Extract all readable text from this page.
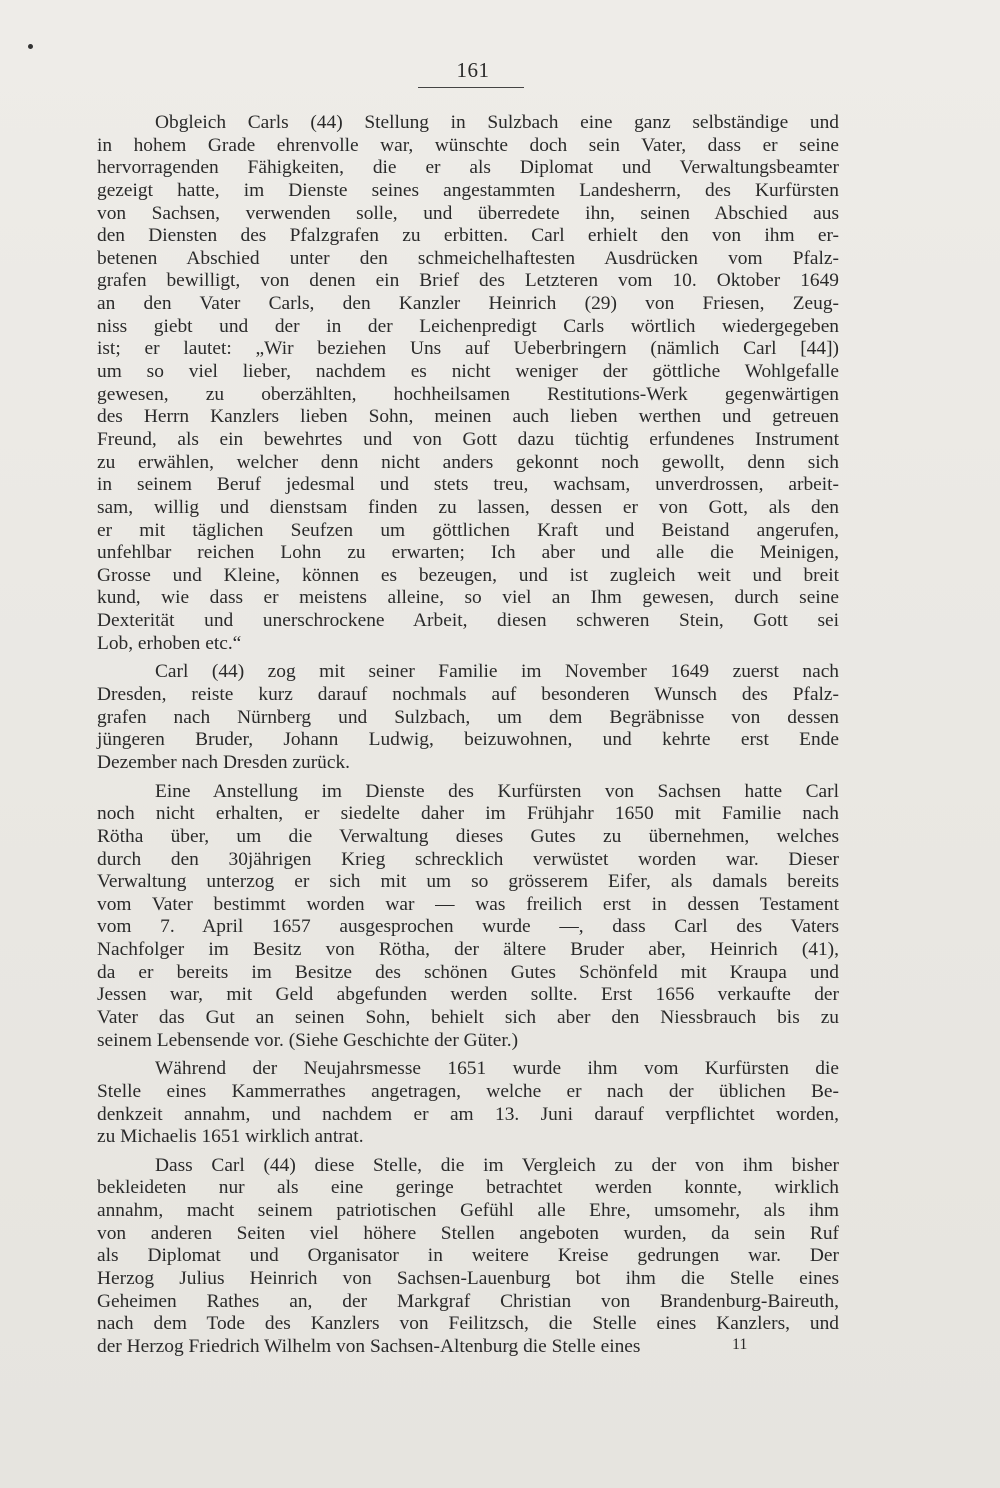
161
Obgleich Carls (44) Stellung in Sulzbach eine ganz selbständige und
in hohem Grade ehrenvolle war, wünschte doch sein Vater, dass er seine
hervorragenden Fähigkeiten, die er als Diplomat und Verwaltungsbeamter
gezeigt hatte, im Dienste seines angestammten Landesherrn, des Kurfürsten
von Sachsen, verwenden solle, und überredete ihn, seinen Abschied aus
den Diensten des Pfalzgrafen zu erbitten. Carl erhielt den von ihm er-
betenen Abschied unter den schmeichelhaftesten Ausdrücken vom Pfalz-
grafen bewilligt, von denen ein Brief des Letzteren vom 10. Oktober 1649
an den Vater Carls, den Kanzler Heinrich (29) von Friesen, Zeug-
niss giebt und der in der Leichenpredigt Carls wörtlich wiedergegeben
ist; er lautet: „Wir beziehen Uns auf Ueberbringern (nämlich Carl [44])
um so viel lieber, nachdem es nicht weniger der göttliche Wohlgefalle
gewesen, zu oberzählten, hochheilsamen Restitutions-Werk gegenwärtigen
des Herrn Kanzlers lieben Sohn, meinen auch lieben werthen und getreuen
Freund, als ein bewehrtes und von Gott dazu tüchtig erfundenes Instrument
zu erwählen, welcher denn nicht anders gekonnt noch gewollt, denn sich
in seinem Beruf jedesmal und stets treu, wachsam, unverdrossen, arbeit-
sam, willig und dienstsam finden zu lassen, dessen er von Gott, als den
er mit täglichen Seufzen um göttlichen Kraft und Beistand angerufen,
unfehlbar reichen Lohn zu erwarten; Ich aber und alle die Meinigen,
Grosse und Kleine, können es bezeugen, und ist zugleich weit und breit
kund, wie dass er meistens alleine, so viel an Ihm gewesen, durch seine
Dexterität und unerschrockene Arbeit, diesen schweren Stein, Gott sei
Lob, erhoben etc.“
Carl (44) zog mit seiner Familie im November 1649 zuerst nach
Dresden, reiste kurz darauf nochmals auf besonderen Wunsch des Pfalz-
grafen nach Nürnberg und Sulzbach, um dem Begräbnisse von dessen
jüngeren Bruder, Johann Ludwig, beizuwohnen, und kehrte erst Ende
Dezember nach Dresden zurück.
Eine Anstellung im Dienste des Kurfürsten von Sachsen hatte Carl
noch nicht erhalten, er siedelte daher im Frühjahr 1650 mit Familie nach
Rötha über, um die Verwaltung dieses Gutes zu übernehmen, welches
durch den 30jährigen Krieg schrecklich verwüstet worden war. Dieser
Verwaltung unterzog er sich mit um so grösserem Eifer, als damals bereits
vom Vater bestimmt worden war — was freilich erst in dessen Testament
vom 7. April 1657 ausgesprochen wurde —, dass Carl des Vaters
Nachfolger im Besitz von Rötha, der ältere Bruder aber, Heinrich (41),
da er bereits im Besitze des schönen Gutes Schönfeld mit Kraupa und
Jessen war, mit Geld abgefunden werden sollte. Erst 1656 verkaufte der
Vater das Gut an seinen Sohn, behielt sich aber den Niessbrauch bis zu
seinem Lebensende vor. (Siehe Geschichte der Güter.)
Während der Neujahrsmesse 1651 wurde ihm vom Kurfürsten die
Stelle eines Kammerrathes angetragen, welche er nach der üblichen Be-
denkzeit annahm, und nachdem er am 13. Juni darauf verpflichtet worden,
zu Michaelis 1651 wirklich antrat.
Dass Carl (44) diese Stelle, die im Vergleich zu der von ihm bisher
bekleideten nur als eine geringe betrachtet werden konnte, wirklich
annahm, macht seinem patriotischen Gefühl alle Ehre, umsomehr, als ihm
von anderen Seiten viel höhere Stellen angeboten wurden, da sein Ruf
als Diplomat und Organisator in weitere Kreise gedrungen war. Der
Herzog Julius Heinrich von Sachsen-Lauenburg bot ihm die Stelle eines
Geheimen Rathes an, der Markgraf Christian von Brandenburg-Baireuth,
nach dem Tode des Kanzlers von Feilitzsch, die Stelle eines Kanzlers, und
der Herzog Friedrich Wilhelm von Sachsen-Altenburg die Stelle eines	11
